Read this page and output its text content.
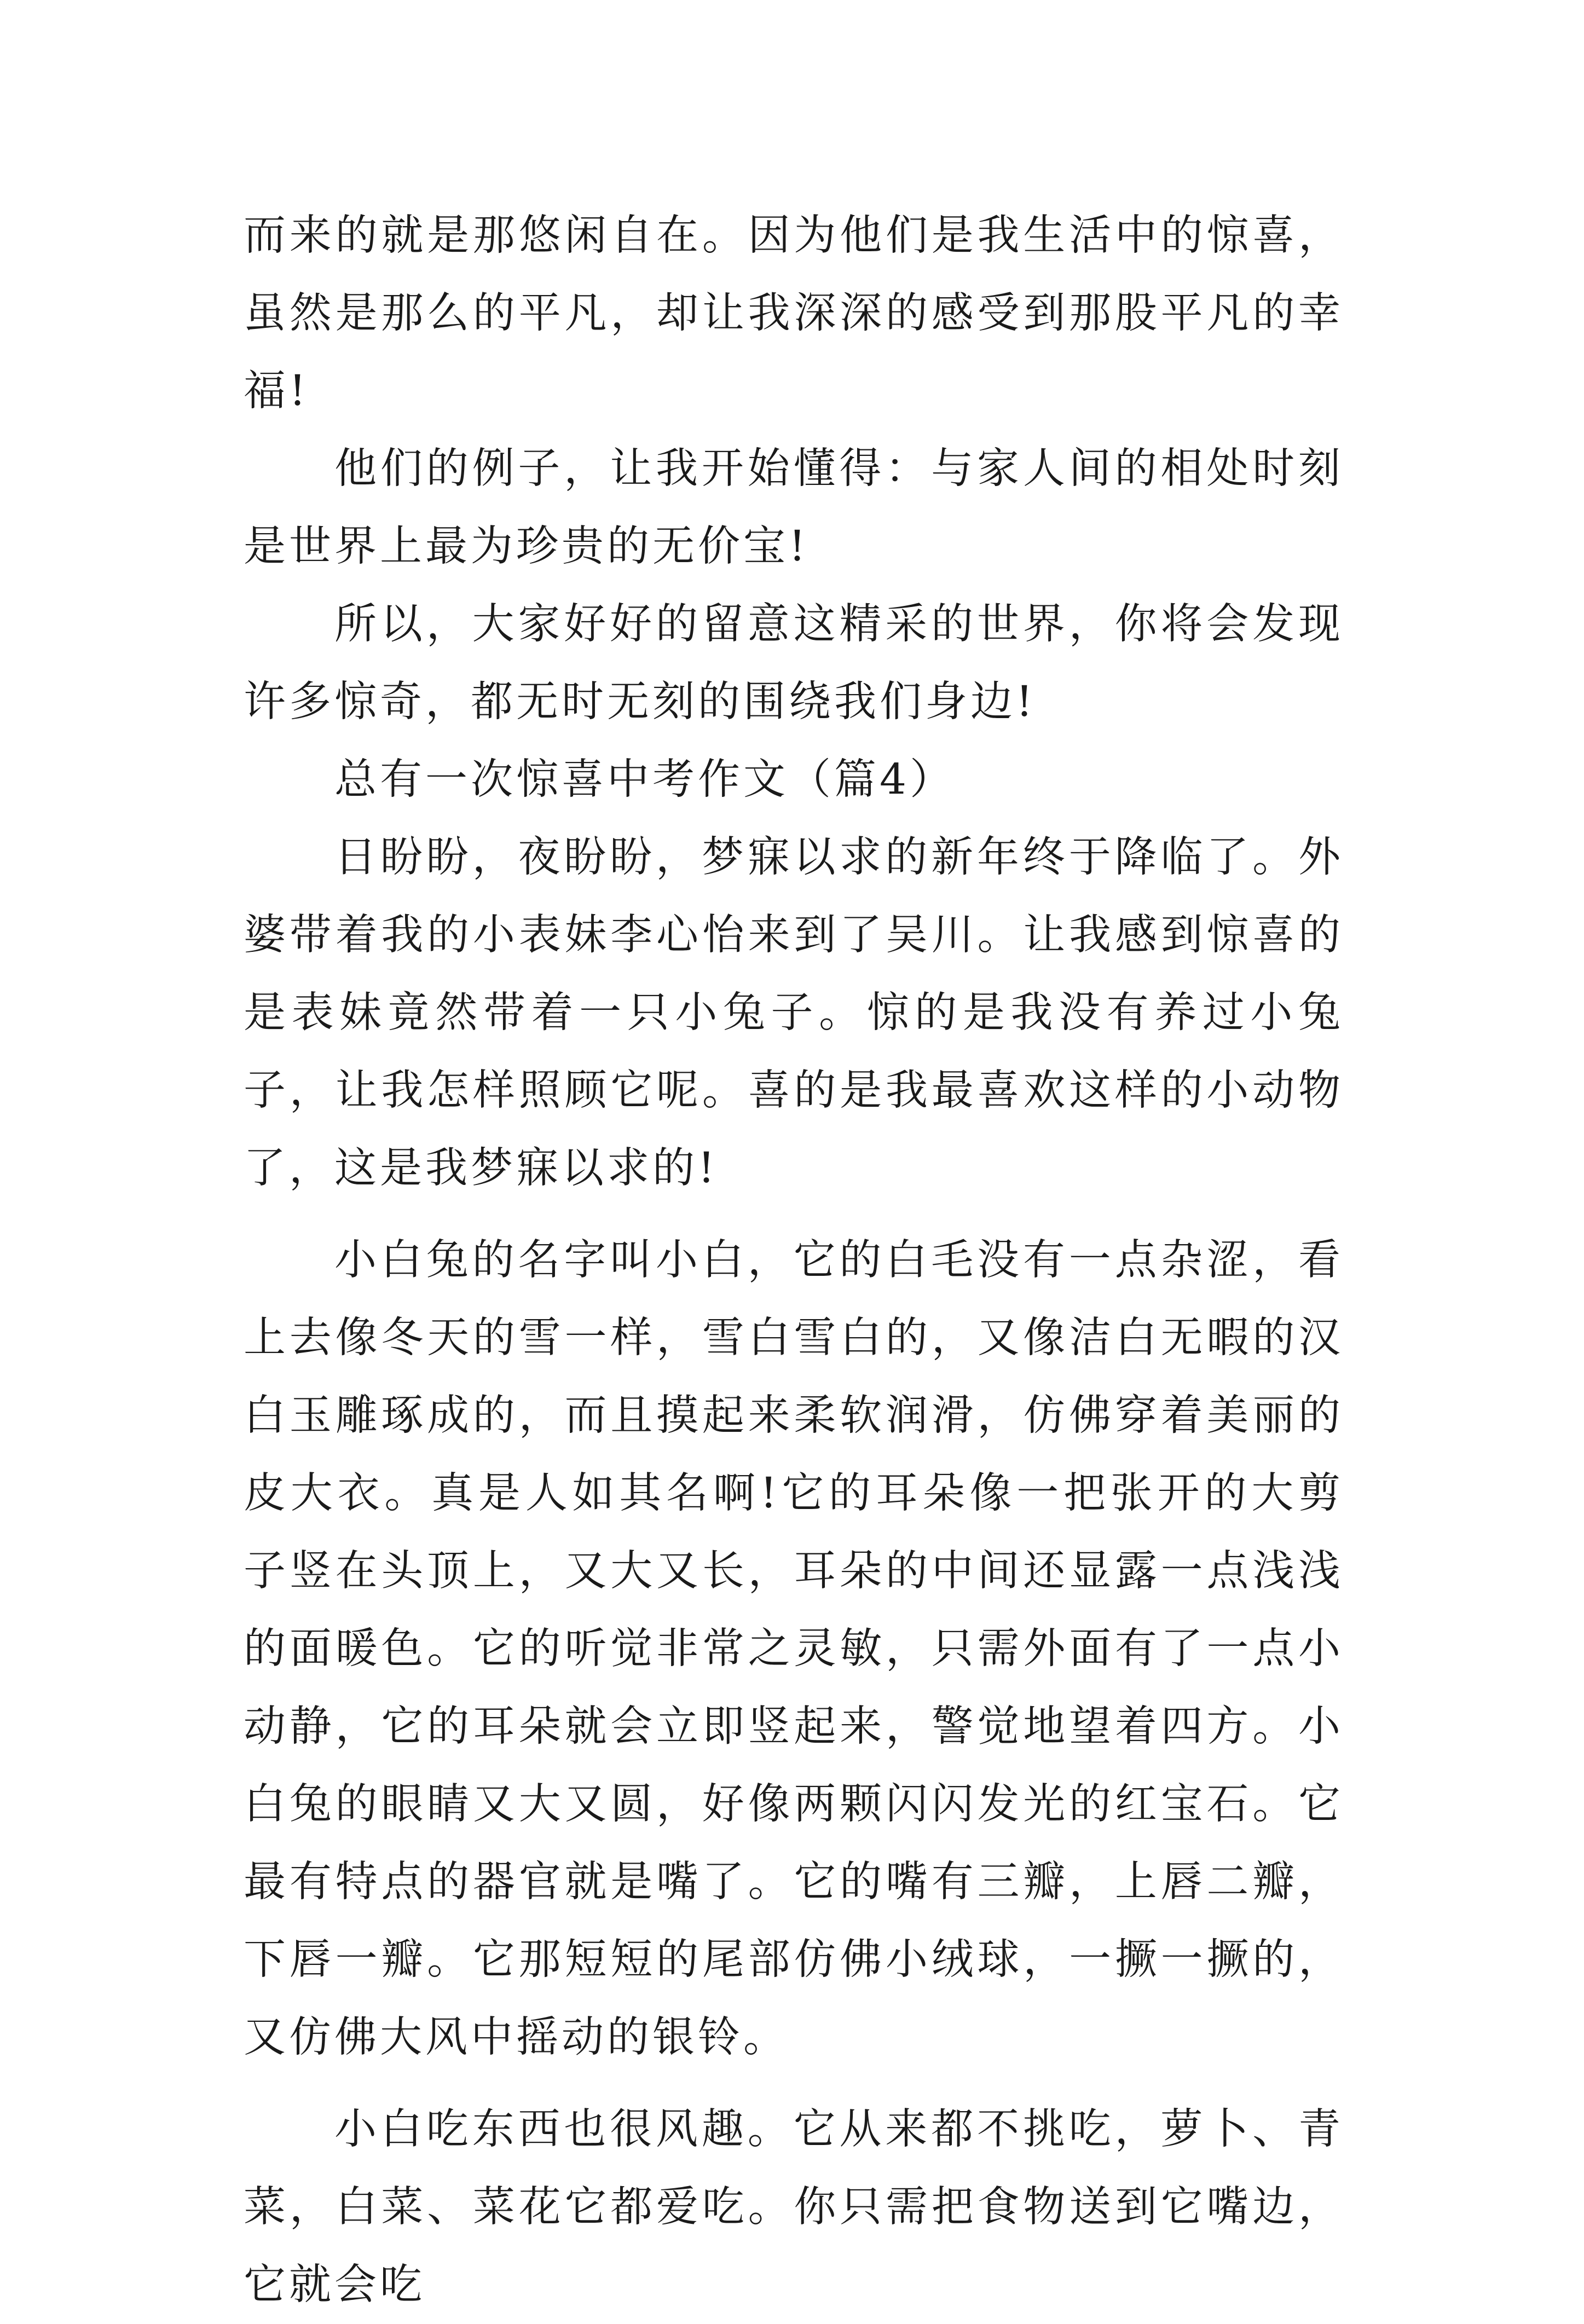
而来的就是那悠闲自在。因为他们是我生活中的惊喜，虽然是那么的平凡，却让我深深的感受到那股平凡的幸福!

他们的例子，让我开始懂得：与家人间的相处时刻是世界上最为珍贵的无价宝!

所以，大家好好的留意这精采的世界，你将会发现许多惊奇，都无时无刻的围绕我们身边!

总有一次惊喜中考作文（篇4）

日盼盼，夜盼盼，梦寐以求的新年终于降临了。外婆带着我的小表妹李心怡来到了吴川。让我感到惊喜的是表妹竟然带着一只小兔子。惊的是我没有养过小兔子，让我怎样照顾它呢。喜的是我最喜欢这样的小动物了，这是我梦寐以求的!

小白兔的名字叫小白，它的白毛没有一点杂涩，看上去像冬天的雪一样，雪白雪白的，又像洁白无暇的汉白玉雕琢成的，而且摸起来柔软润滑，仿佛穿着美丽的皮大衣。真是人如其名啊!它的耳朵像一把张开的大剪子竖在头顶上，又大又长，耳朵的中间还显露一点浅浅的面暖色。它的听觉非常之灵敏，只需外面有了一点小动静，它的耳朵就会立即竖起来，警觉地望着四方。小白兔的眼睛又大又圆，好像两颗闪闪发光的红宝石。它最有特点的器官就是嘴了。它的嘴有三瓣，上唇二瓣，下唇一瓣。它那短短的尾部仿佛小绒球，一撅一撅的，又仿佛大风中摇动的银铃。

小白吃东西也很风趣。它从来都不挑吃，萝卜、青菜，白菜、菜花它都爱吃。你只需把食物送到它嘴边，它就会吃
